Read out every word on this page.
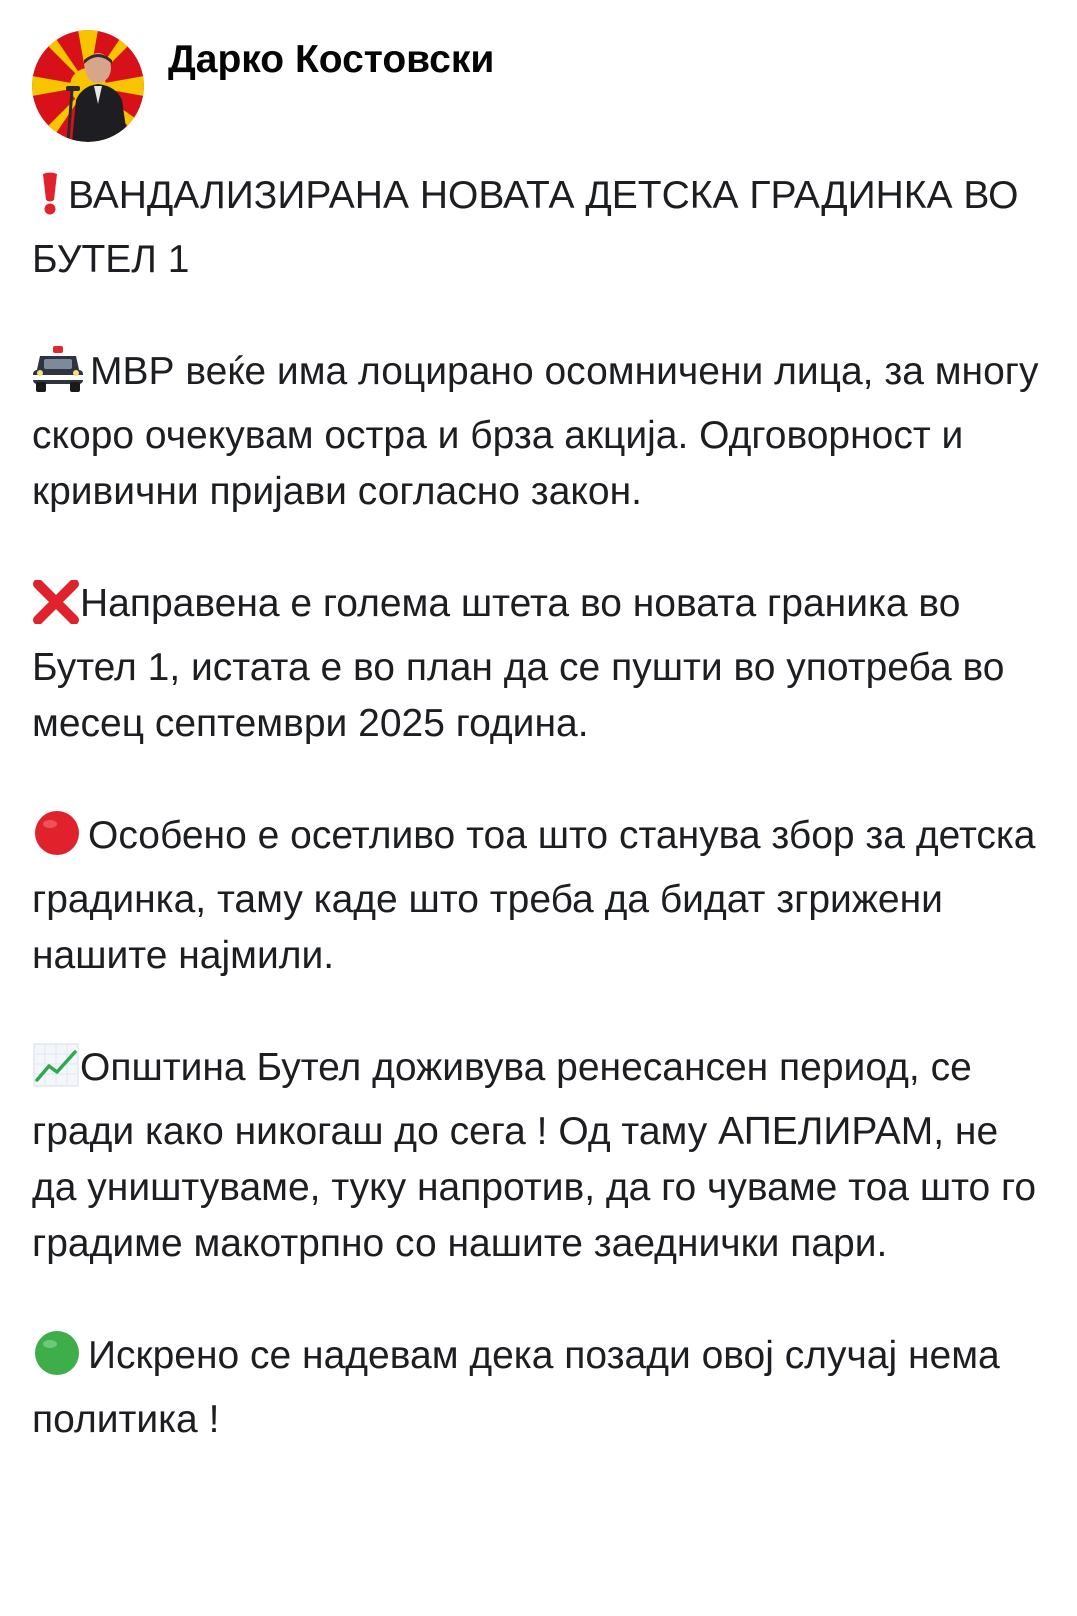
Дарко Костовски

ВАНДАЛИЗИРАНА НОВАТА ДЕТСКА ГРАДИНКА ВО БУТЕЛ 1

МВР веќе има лоцирано осомничени лица, за многу скоро очекувам остра и брза акција. Одговорност и кривични пријави согласно закон.

Направена е голема штета во новата граника во Бутел 1, истата е во план да се пушти во употреба во месец септември 2025 година.

Особено е осетливо тоа што станува збор за детска градинка, таму каде што треба да бидат згрижени нашите најмили.

Општина Бутел доживува ренесансен период, се гради како никогаш до сега ! Од таму АПЕЛИРАМ, не да уништуваме, туку напротив, да го чуваме тоа што го градиме макотрпно со нашите заеднички пари.

Искрено се надевам дека позади овој случај нема политика !
